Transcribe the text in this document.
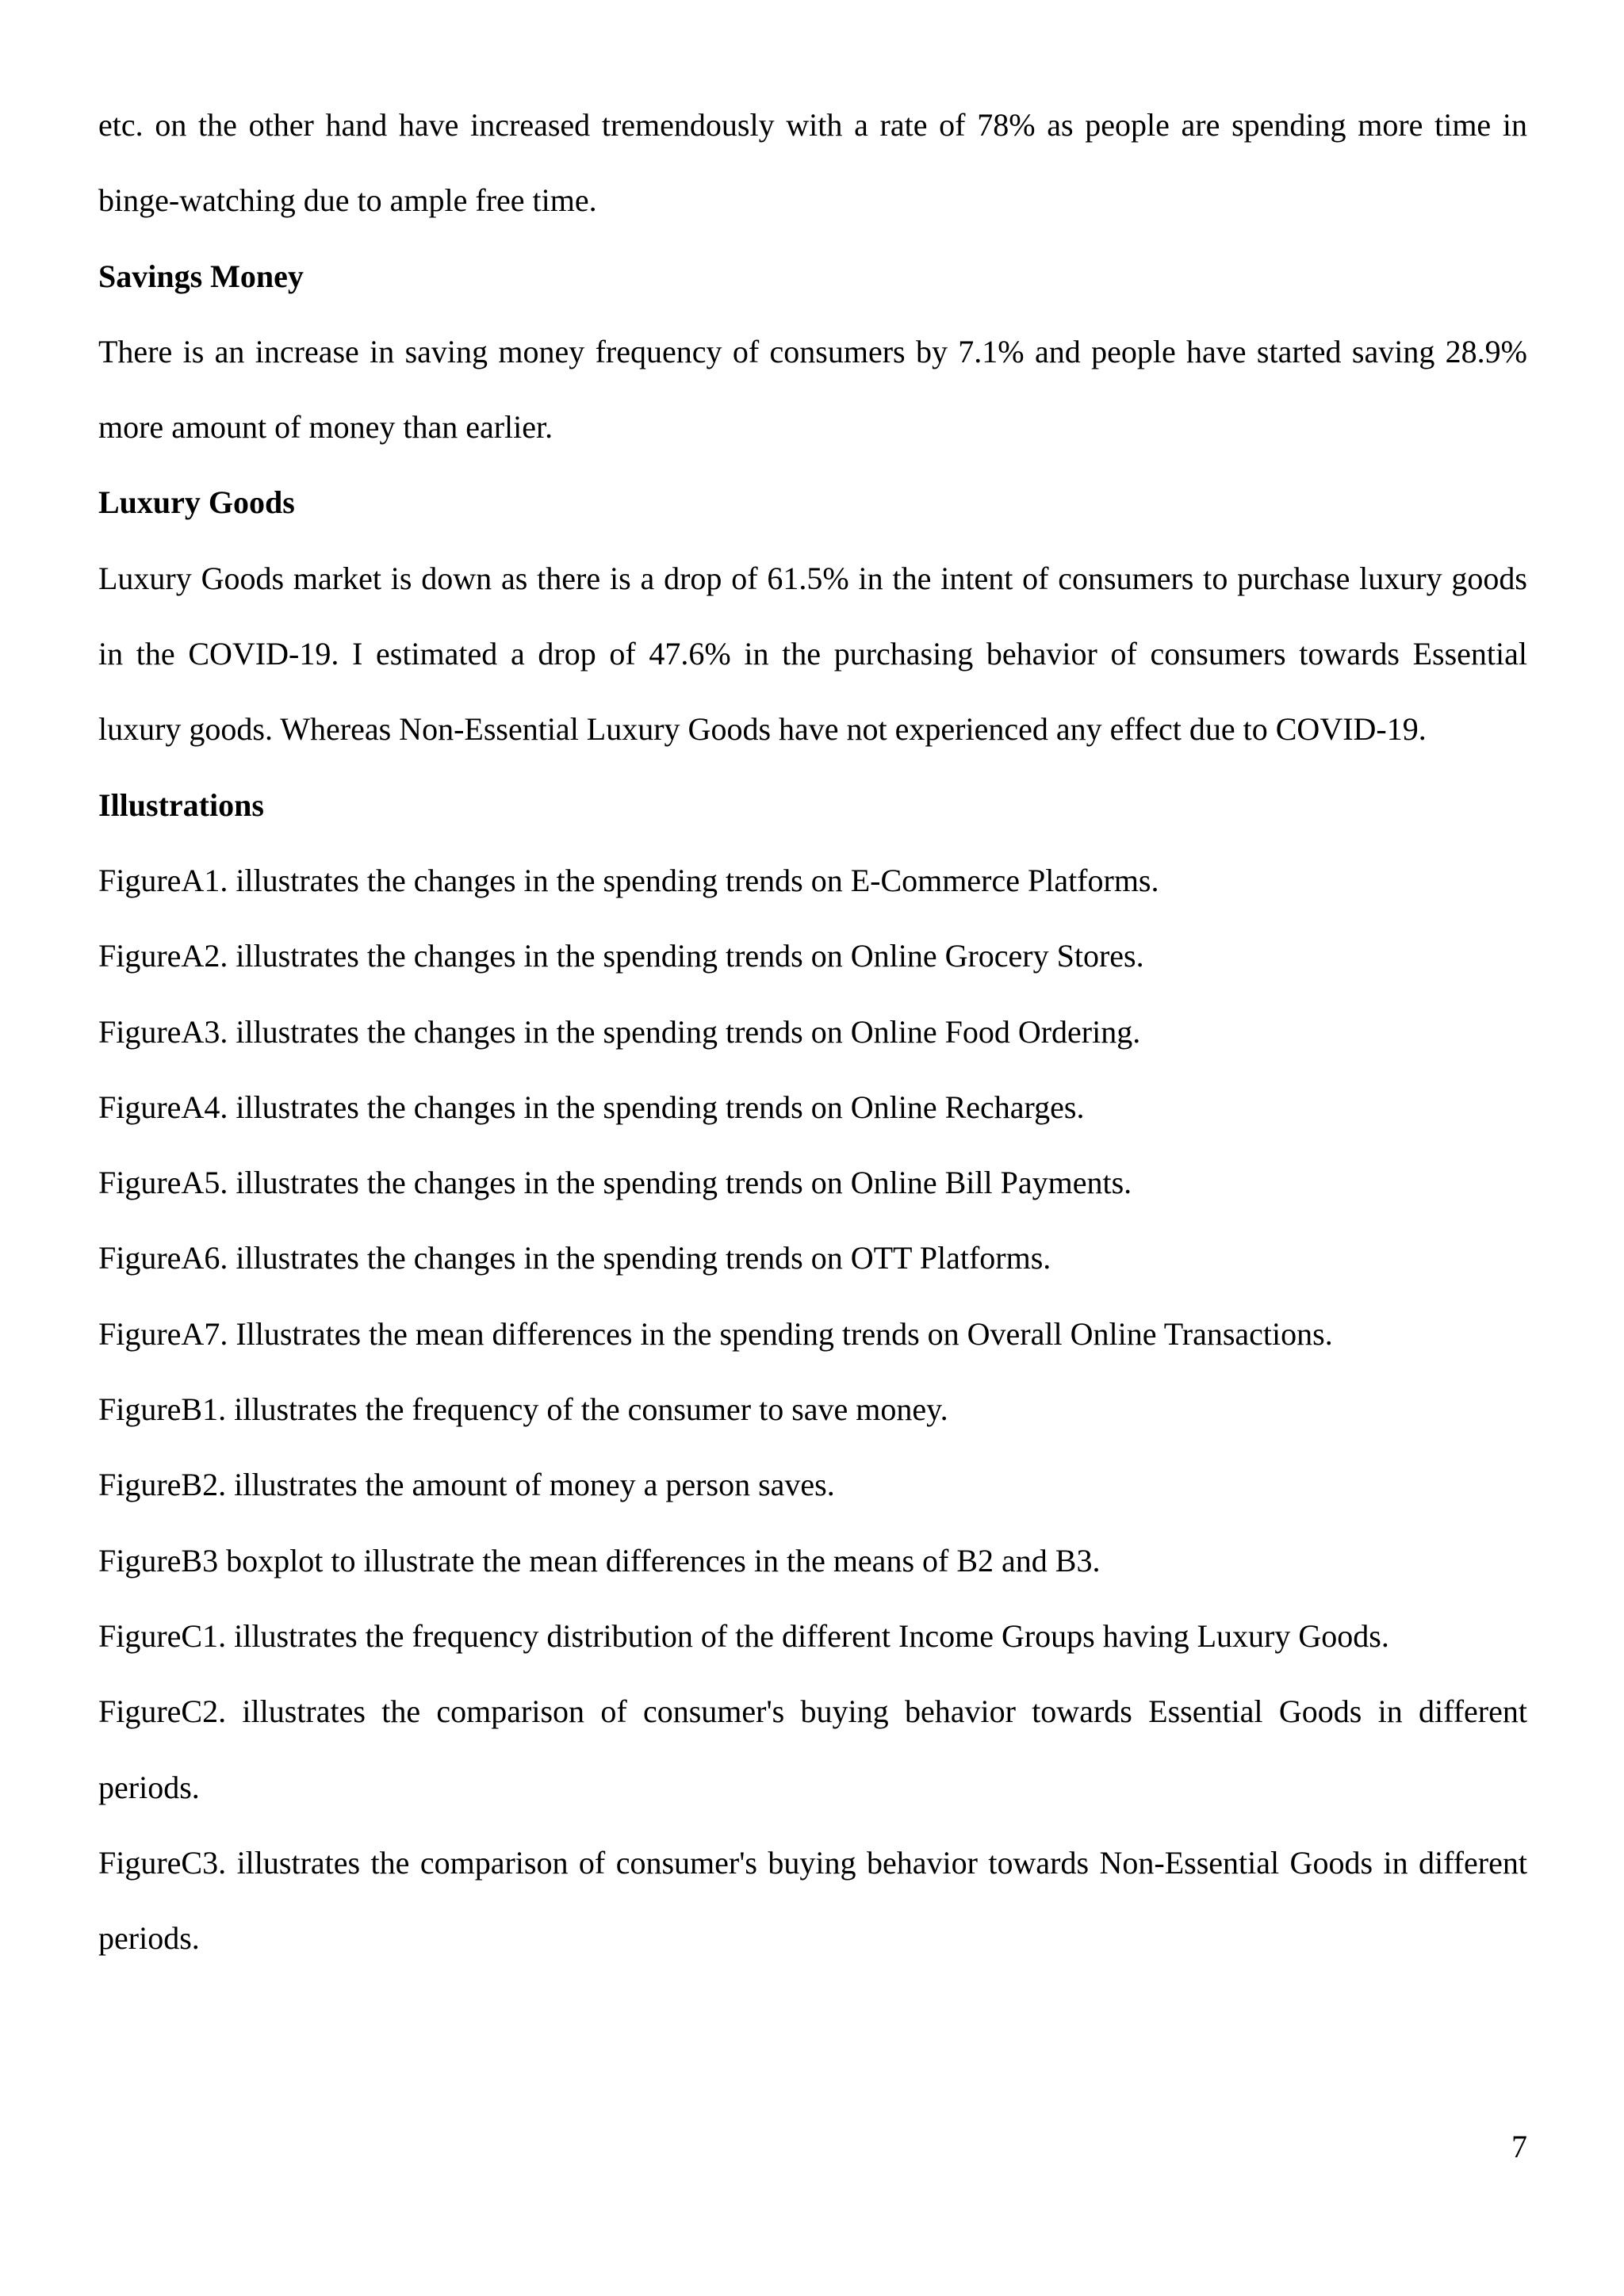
etc. on the other hand have increased tremendously with a rate of 78% as people are spending more time in

binge-watching due to ample free time.

Savings Money

There is an increase in saving money frequency of consumers by 7.1% and people have started saving 28.9%

more amount of money than earlier.

Luxury Goods

Luxury Goods market is down as there is a drop of 61.5% in the intent of consumers to purchase luxury goods

in the COVID-19. I estimated a drop of 47.6% in the purchasing behavior of consumers towards Essential

luxury goods. Whereas Non-Essential Luxury Goods have not experienced any effect due to COVID-19.

Illustrations

FigureA1. illustrates the changes in the spending trends on E-Commerce Platforms.

FigureA2. illustrates the changes in the spending trends on Online Grocery Stores.

FigureA3. illustrates the changes in the spending trends on Online Food Ordering.

FigureA4. illustrates the changes in the spending trends on Online Recharges.

FigureA5. illustrates the changes in the spending trends on Online Bill Payments.

FigureA6. illustrates the changes in the spending trends on OTT Platforms.

FigureA7. Illustrates the mean differences in the spending trends on Overall Online Transactions.

FigureB1. illustrates the frequency of the consumer to save money.

FigureB2. illustrates the amount of money a person saves.

FigureB3 boxplot to illustrate the mean differences in the means of B2 and B3.

FigureC1. illustrates the frequency distribution of the different Income Groups having Luxury Goods.

FigureC2. illustrates the comparison of consumer's buying behavior towards Essential Goods in different

periods.

FigureC3. illustrates the comparison of consumer's buying behavior towards Non-Essential Goods in different

periods.

7
